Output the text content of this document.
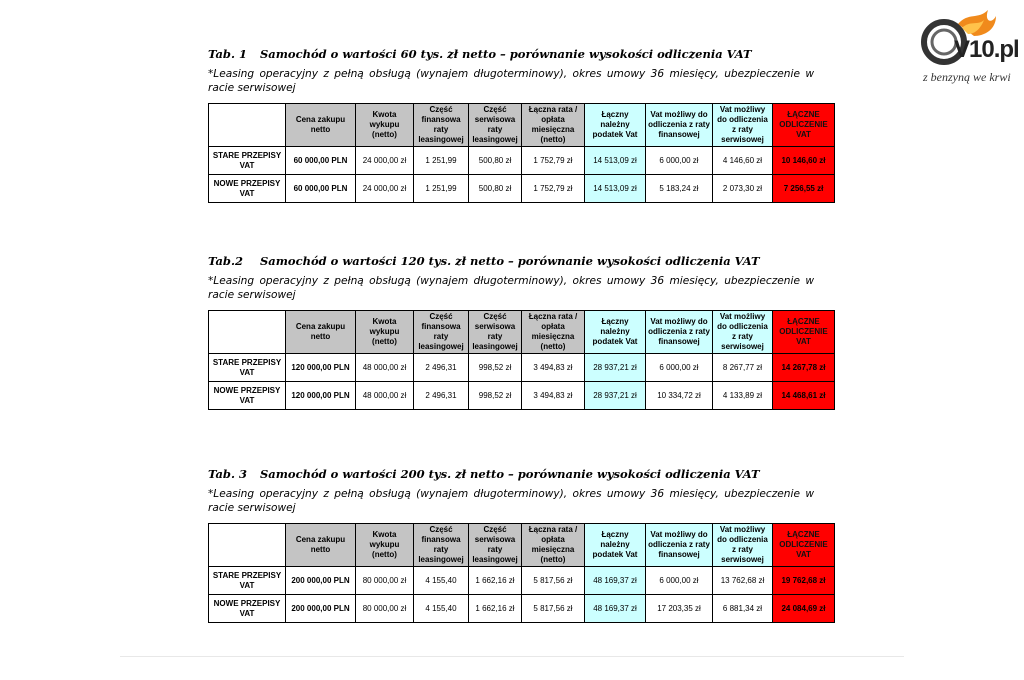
V10.pl
z benzyną we krwi
Tab. 1 Samochód o wartości 60 tys. zł netto – porównanie wysokości odliczenia VAT
*Leasing operacyjny z pełną obsługą (wynajem długoterminowy), okres umowy 36 miesięcy, ubezpieczenie w racie serwisowej
	Cena zakupu netto	Kwota wykupu (netto)	Część finansowa raty leasingowej	Część serwisowa raty leasingowej	Łączna rata / opłata miesięczna (netto)	Łączny należny podatek Vat	Vat możliwy do odliczenia z raty finansowej	Vat możliwy do odliczenia z raty serwisowej	ŁĄCZNE ODLICZENIE VAT
STARE PRZEPISY VAT	60 000,00 PLN	24 000,00 zł	1 251,99	500,80 zł	1 752,79 zł	14 513,09 zł	6 000,00 zł	4 146,60 zł	10 146,60 zł
NOWE PRZEPISY VAT	60 000,00 PLN	24 000,00 zł	1 251,99	500,80 zł	1 752,79 zł	14 513,09 zł	5 183,24 zł	2 073,30 zł	7 256,55 zł
Tab.2 Samochód o wartości 120 tys. zł netto – porównanie wysokości odliczenia VAT
*Leasing operacyjny z pełną obsługą (wynajem długoterminowy), okres umowy 36 miesięcy, ubezpieczenie w racie serwisowej
	Cena zakupu netto	Kwota wykupu (netto)	Część finansowa raty leasingowej	Część serwisowa raty leasingowej	Łączna rata / opłata miesięczna (netto)	Łączny należny podatek Vat	Vat możliwy do odliczenia z raty finansowej	Vat możliwy do odliczenia z raty serwisowej	ŁĄCZNE ODLICZENIE VAT
STARE PRZEPISY VAT	120 000,00 PLN	48 000,00 zł	2 496,31	998,52 zł	3 494,83 zł	28 937,21 zł	6 000,00 zł	8 267,77 zł	14 267,78 zł
NOWE PRZEPISY VAT	120 000,00 PLN	48 000,00 zł	2 496,31	998,52 zł	3 494,83 zł	28 937,21 zł	10 334,72 zł	4 133,89 zł	14 468,61 zł
Tab. 3 Samochód o wartości 200 tys. zł netto – porównanie wysokości odliczenia VAT
*Leasing operacyjny z pełną obsługą (wynajem długoterminowy), okres umowy 36 miesięcy, ubezpieczenie w racie serwisowej
	Cena zakupu netto	Kwota wykupu (netto)	Część finansowa raty leasingowej	Część serwisowa raty leasingowej	Łączna rata / opłata miesięczna (netto)	Łączny należny podatek Vat	Vat możliwy do odliczenia z raty finansowej	Vat możliwy do odliczenia z raty serwisowej	ŁĄCZNE ODLICZENIE VAT
STARE PRZEPISY VAT	200 000,00 PLN	80 000,00 zł	4 155,40	1 662,16 zł	5 817,56 zł	48 169,37 zł	6 000,00 zł	13 762,68 zł	19 762,68 zł
NOWE PRZEPISY VAT	200 000,00 PLN	80 000,00 zł	4 155,40	1 662,16 zł	5 817,56 zł	48 169,37 zł	17 203,35 zł	6 881,34 zł	24 084,69 zł
